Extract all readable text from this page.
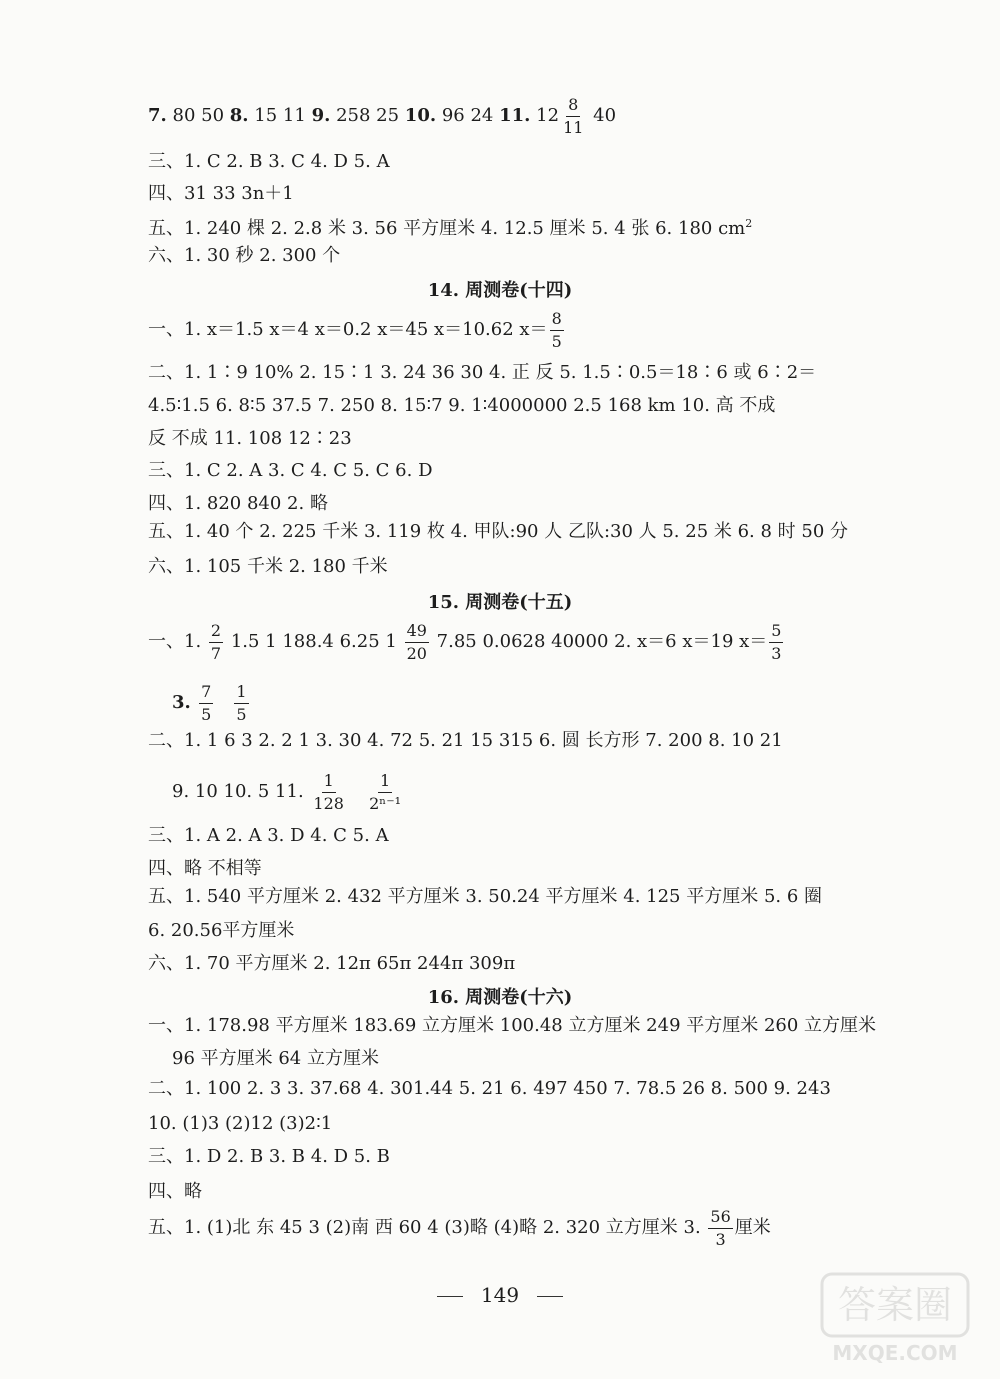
7. 80 50 8. 15 11 9. 258 25 10. 96 24 11. $12 \frac{8}{11} 40$
三、1. C 2. B 3. C 4. D 5. A
四、31 33 3n＋1
五、1. 240 棵 2. 2.8 米 3. 56 平方厘米 4. 12.5 厘米 5. 4 张 6. 180 $cm^2$
六、1. 30 秒 2. 300 个
14. 周测卷(十四)
一、1. x＝1.5 x＝4 x＝0.2 x＝45 x＝10.62 $x= \frac{8}{5}$
二、1. 1∶9 10% 2. 15∶1 3. 24 36 30 4. 正 反 5. 1.5∶0.5＝18∶6 或 6∶2＝
4.5∶1.5 6. 8∶5 37.5 7. 250 8. 15∶7 9. 1∶4000000 2.5 168 km 10. 高 不成
反 不成 11. 108 12∶23
三、1. C 2. A 3. C 4. C 5. C 6. D
四、1. 820 840 2. 略
五、1. 40 个 2. 225 千米 3. 119 枚 4. 甲队:90 人 乙队:30 人 5. 25 米 6. 8 时 50 分
六、1. 105 千米 2. 180 千米
15. 周测卷(十五)
一、1. $\frac{2}{7} 1.5$ 1 188.4 6.25 $1 \frac{49}{20} 7.85$ 0.0628 40000 2. x＝6 x＝19 $x= \frac{5}{3}$
3. $\frac{7}{5}$
$\frac{1}{5}$
二、1. 1 6 3 2. 2 1 3. 30 4. 72 5. 21 15 315 6. 圆 长方形 7. 200 8. 10 21
9. 10 10. 5 11. $\frac{1}{128}$
$\frac{1}{\text{2ⁿ⁻¹}}$
三、1. A 2. A 3. D 4. C 5. A
四、略 不相等
五、1. 540 平方厘米 2. 432 平方厘米 3. 50.24 平方厘米 4. 125 平方厘米 5. 6 圈
6. 20.56平方厘米
六、1. 70 平方厘米 2. 12π 65π 244π 309π
16. 周测卷(十六)
一、1. 178.98 平方厘米 183.69 立方厘米 100.48 立方厘米 249 平方厘米 260 立方厘米
96 平方厘米 64 立方厘米
二、1. 100 2. 3 3. 37.68 4. 301.44 5. 21 6. 497 450 7. 78.5 26 8. 500 9. 243
10. (1)3 (2)12 (3)2∶1
三、1. D 2. B 3. B 4. D 5. B
四、略
五、1. (1)北 东 45 3 (2)南 西 60 4 (3)略 (4)略 2. 320 立方厘米 3. $\frac{56}{3}$ 厘米
149	答案圈
MXQE.COM
